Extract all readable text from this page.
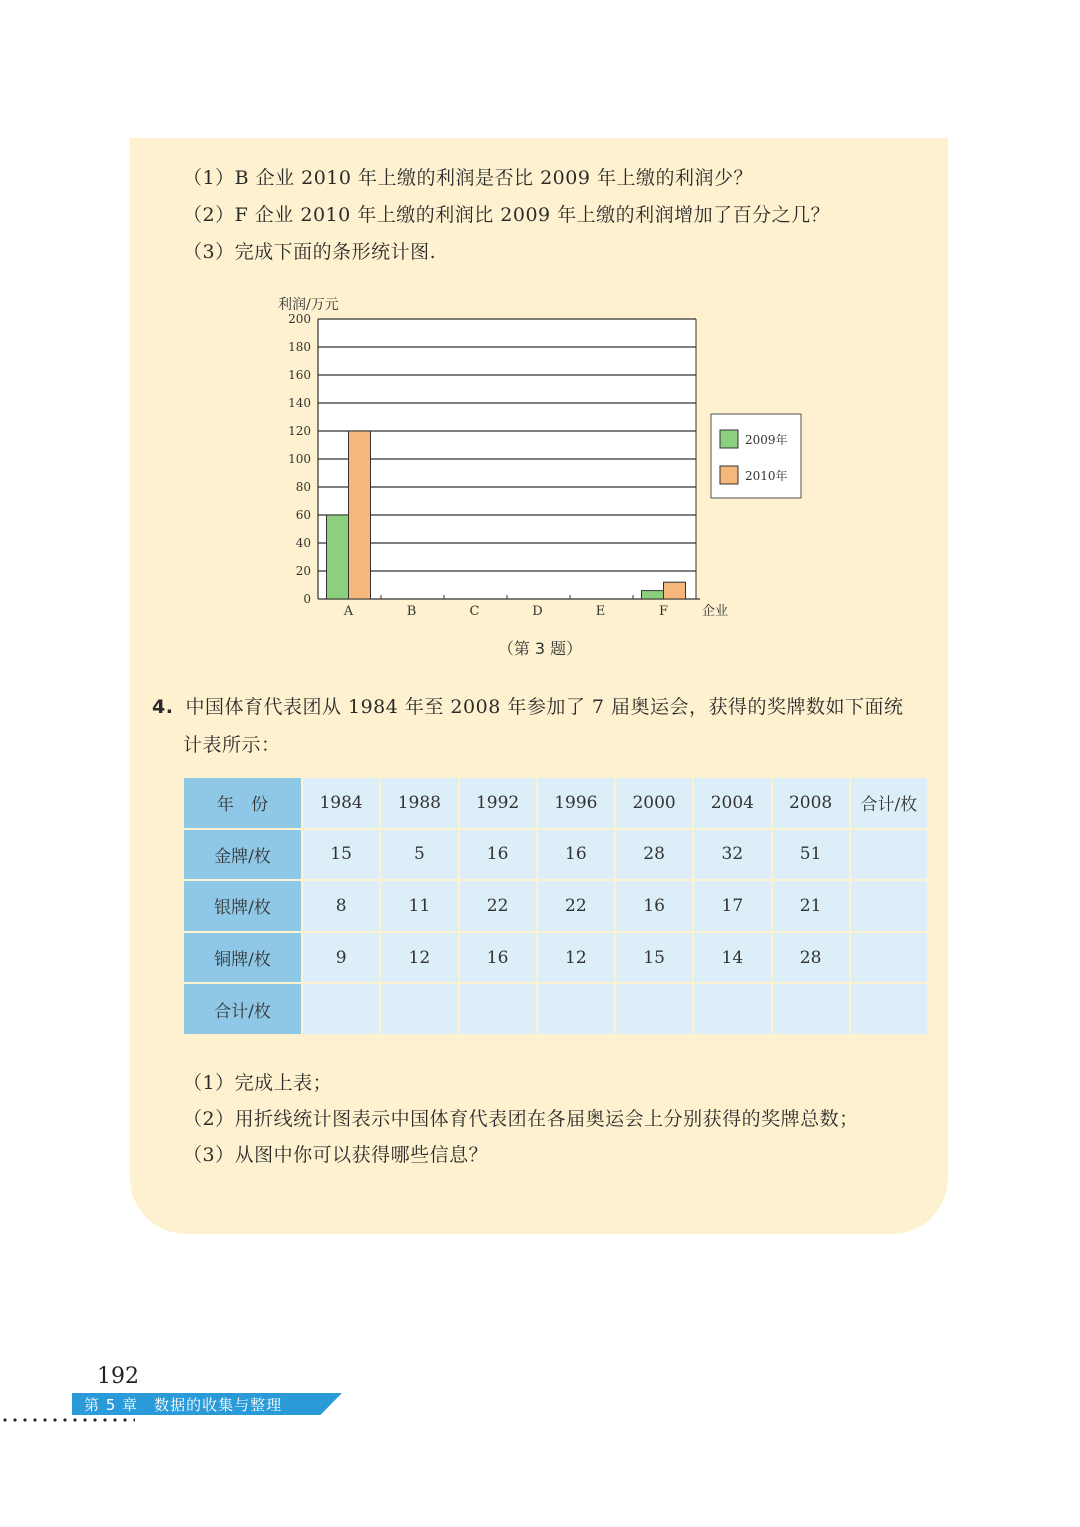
（1）B 企业 2010 年上缴的利润是否比 2009 年上缴的利润少？
（2）F 企业 2010 年上缴的利润比 2009 年上缴的利润增加了百分之几？
（3）完成下面的条形统计图.
0
20
40
60
80
100
120
140
160
180
200
利润/万元
A	B	C	D	E	F	企业
2009年
2010年
（第 3 题）
4. 中国体育代表团从 1984 年至 2008 年参加了 7 届奥运会，获得的奖牌数如下面统
计表所示：
年　份	1984	1988	1992	1996	2000	2004	2008	合计/枚
金牌/枚	15	5	16	16	28	32	51	
银牌/枚	8	11	22	22	16	17	21	
铜牌/枚	9	12	16	12	15	14	28	
合计/枚								
（1）完成上表；
（2）用折线统计图表示中国体育代表团在各届奥运会上分别获得的奖牌总数；
（3）从图中你可以获得哪些信息？
192
第 5 章　数据的收集与整理
